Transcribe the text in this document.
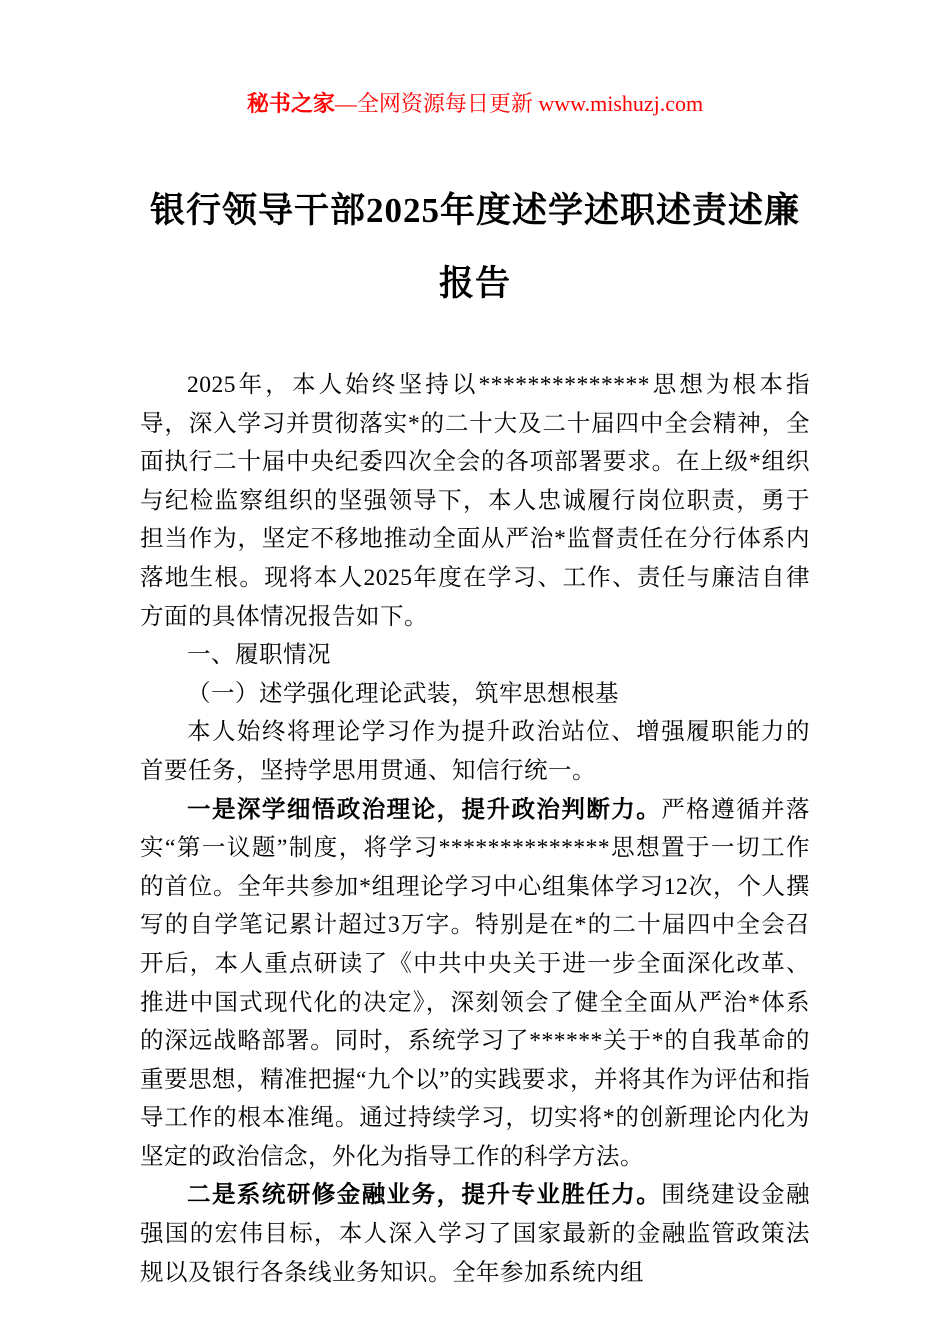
秘书之家—全网资源每日更新 www.mishuzj.com
银行领导干部2025年度述学述职述责述廉报告

2025年，本人始终坚持以**************思想为根本指导，深入学习并贯彻落实*的二十大及二十届四中全会精神，全面执行二十届中央纪委四次全会的各项部署要求。在上级*组织与纪检监察组织的坚强领导下，本人忠诚履行岗位职责，勇于担当作为，坚定不移地推动全面从严治*监督责任在分行体系内落地生根。现将本人2025年度在学习、工作、责任与廉洁自律方面的具体情况报告如下。

一、履职情况

（一）述学强化理论武装，筑牢思想根基

本人始终将理论学习作为提升政治站位、增强履职能力的首要任务，坚持学思用贯通、知信行统一。

一是深学细悟政治理论，提升政治判断力。严格遵循并落实“第一议题”制度，将学习**************思想置于一切工作的首位。全年共参加*组理论学习中心组集体学习12次，个人撰写的自学笔记累计超过3万字。特别是在*的二十届四中全会召开后，本人重点研读了《中共中央关于进一步全面深化改革、推进中国式现代化的决定》，深刻领会了健全全面从严治*体系的深远战略部署。同时，系统学习了******关于*的自我革命的重要思想，精准把握“九个以”的实践要求，并将其作为评估和指导工作的根本准绳。通过持续学习，切实将*的创新理论内化为坚定的政治信念，外化为指导工作的科学方法。

二是系统研修金融业务，提升专业胜任力。围绕建设金融强国的宏伟目标，本人深入学习了国家最新的金融监管政策法规以及银行各条线业务知识。全年参加系统内组
